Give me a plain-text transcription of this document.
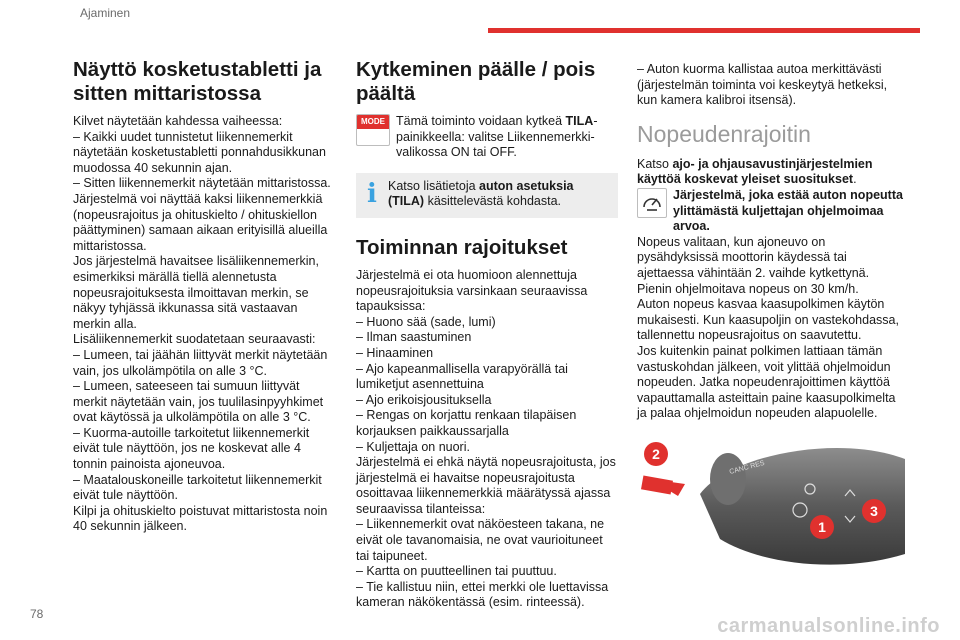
Ajaminen
Näyttö kosketustabletti ja sitten mittaristossa

Kilvet näytetään kahdessa vaiheessa:

– Kaikki uudet tunnistetut liikennemerkit näytetään kosketustabletti ponnahdusikkunan muodossa 40 sekunnin ajan.

– Sitten liikennemerkit näytetään mittaristossa.

Järjestelmä voi näyttää kaksi liikennemerkkiä (nopeusrajoitus ja ohituskielto / ohituskiellon päättyminen) samaan aikaan erityisillä alueilla mittaristossa.

Jos järjestelmä havaitsee lisäliikennemerkin, esimerkiksi märällä tiellä alennetusta nopeusrajoituksesta ilmoittavan merkin, se näkyy tyhjässä ikkunassa sitä vastaavan merkin alla.

Lisäliikennemerkit suodatetaan seuraavasti:

– Lumeen, tai jäähän liittyvät merkit näytetään vain, jos ulkolämpötila on alle 3 °C.

– Lumeen, sateeseen tai sumuun liittyvät merkit näytetään vain, jos tuulilasinpyyhkimet ovat käytössä ja ulkolämpötila on alle 3 °C.

– Kuorma-autoille tarkoitetut liikennemerkit eivät tule näyttöön, jos ne koskevat alle 4 tonnin painoista ajoneuvoa.

– Maatalouskoneille tarkoitetut liikennemerkit eivät tule näyttöön.

Kilpi ja ohituskielto poistuvat mittaristosta noin 40 sekunnin jälkeen.

Kytkeminen päälle / pois päältä
MODE Tämä toiminto voidaan kytkeä TILA-painikkeella: valitse Liikennemerkki-valikossa ON tai OFF.

i Katso lisätietoja auton asetuksia (TILA) käsittelevästä kohdasta.

Toiminnan rajoitukset

Järjestelmä ei ota huomioon alennettuja nopeusrajoituksia varsinkaan seuraavissa tapauksissa:

– Huono sää (sade, lumi)

– Ilman saastuminen

– Hinaaminen

– Ajo kapeanmallisella varapyörällä tai lumiketjut asennettuina

– Ajo erikoisjousituksella

– Rengas on korjattu renkaan tilapäisen korjauksen paikkaussarjalla

– Kuljettaja on nuori.

Järjestelmä ei ehkä näytä nopeusrajoitusta, jos järjestelmä ei havaitse nopeusrajoitusta osoittavaa liikennemerkkiä määrätyssä ajassa seuraavissa tilanteissa:

– Liikennemerkit ovat näköesteen takana, ne eivät ole tavanomaisia, ne ovat vaurioituneet tai taipuneet.

– Kartta on puutteellinen tai puuttuu.

– Tie kallistuu niin, ettei merkki ole luettavissa kameran näkökentässä (esim. rinteessä).

– Auton kuorma kallistaa autoa merkittävästi (järjestelmän toiminta voi keskeytyä hetkeksi, kun kamera kalibroi itsensä).

Nopeudenrajoitin

Katso ajo- ja ohjausavustinjärjestelmien käyttöä koskevat yleiset suositukset.

Järjestelmä, joka estää auton nopeutta ylittämästä kuljettajan ohjelmoimaa arvoa.

Nopeus valitaan, kun ajoneuvo on pysähdyksissä moottorin käydessä tai ajettaessa vähintään 2. vaihde kytkettynä.

Pienin ohjelmoitava nopeus on 30 km/h.

Auton nopeus kasvaa kaasupolkimen käytön mukaisesti. Kun kaasupoljin on vastekohdassa, tallennettu nopeusrajoitus on saavutettu.

Jos kuitenkin painat polkimen lattiaan tämän vastuskohdan jälkeen, voit ylittää ohjelmoidun nopeuden. Jatka nopeudenrajoittimen käyttöä vapauttamalla asteittain paine kaasupolkimelta ja palaa ohjelmoidun nopeuden alapuolelle.

CANC RES
2
1
3
78
carmanualsonline.info
